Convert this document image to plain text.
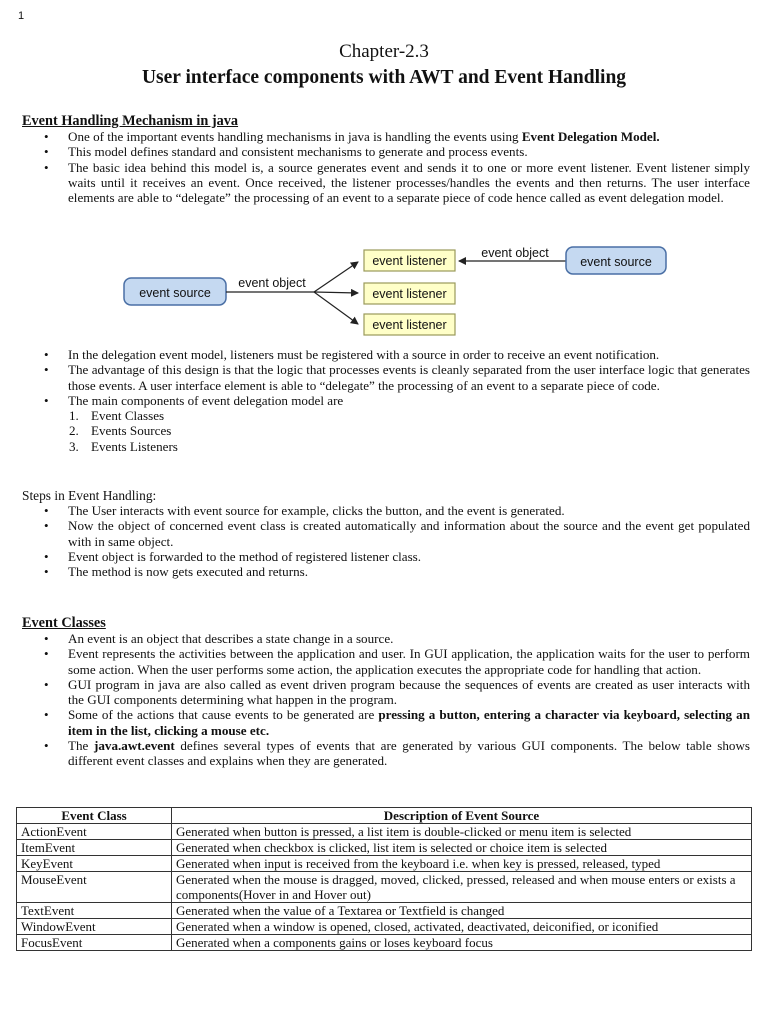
1
Chapter-2.3
User interface components with AWT and Event Handling
Event Handling Mechanism in java
• One of the important events handling mechanisms in java is handling the events using Event Delegation Model.
• This model defines standard and consistent mechanisms to generate and process events.
• The basic idea behind this model is, a source generates event and sends it to one or more event listener. Event listener simply waits until it receives an event. Once received, the listener processes/handles the events and then returns. The user interface elements are able to “delegate” the processing of an event to a separate piece of code hence called as event delegation model.
event source
event object
event listener
event listener
event listener
event object
event source
• In the delegation event model, listeners must be registered with a source in order to receive an event notification.
• The advantage of this design is that the logic that processes events is cleanly separated from the user interface logic that generates those events. A user interface element is able to “delegate” the processing of an event to a separate piece of code.
• The main components of event delegation model are
1. Event Classes
2. Events Sources
3. Events Listeners
Steps in Event Handling:
• The User interacts with event source for example, clicks the button, and the event is generated.
• Now the object of concerned event class is created automatically and information about the source and the event get populated with in same object.
• Event object is forwarded to the method of registered listener class.
• The method is now gets executed and returns.
Event Classes
• An event is an object that describes a state change in a source.
• Event represents the activities between the application and user. In GUI application, the application waits for the user to perform some action. When the user performs some action, the application executes the appropriate code for handling that action.
• GUI program in java are also called as event driven program because the sequences of events are created as user interacts with the GUI components determining what happen in the program.
• Some of the actions that cause events to be generated are pressing a button, entering a character via keyboard, selecting an item in the list, clicking a mouse etc.
• The java.awt.event defines several types of events that are generated by various GUI components. The below table shows different event classes and explains when they are generated.
Event Class	Description of Event Source
ActionEvent	Generated when button is pressed, a list item is double-clicked or menu item is selected
ItemEvent	Generated when checkbox is clicked, list item is selected or choice item is selected
KeyEvent	Generated when input is received from the keyboard i.e. when key is pressed, released, typed
MouseEvent	Generated when the mouse is dragged, moved, clicked, pressed, released and when mouse enters or exists a components(Hover in and Hover out)
TextEvent	Generated when the value of a Textarea or Textfield is changed
WindowEvent	Generated when a window is opened, closed, activated, deactivated, deiconified, or iconified
FocusEvent	Generated when a components gains or loses keyboard focus
